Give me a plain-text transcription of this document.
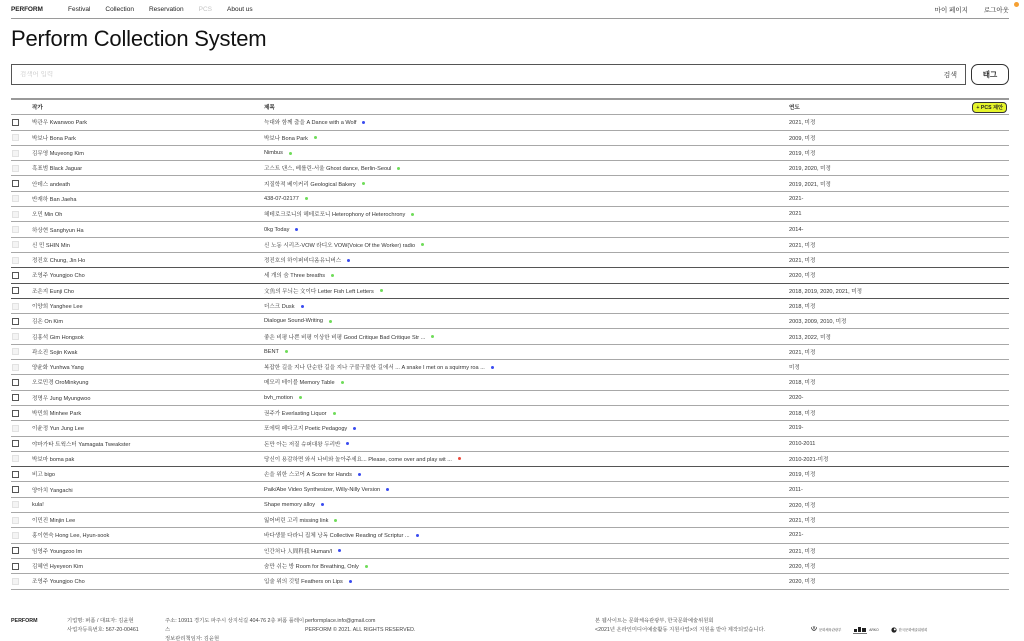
PERFORM	Festival Collection Reservation PCS About us	마이 페이지 로그아웃
Perform Collection System
검색어 입력
검색	태그
작가	제목	연도	+ PCS 제안
박관우 Kwanwoo Park	늑대와 함께 춤을 A Dance with a Wolf	2021, 미정
박보나 Bona Park	박보나 Bona Park	2009, 미정
김무영 Muyeong Kim	Nimbus	2019, 미정
흑표범 Black Jaguar	고스트 댄스, 베를린-서울 Ghost dance, Berlin-Seoul	2019, 2020, 미정
안데스 andeath	지질학적 베이커리 Geological Bakery	2019, 2021, 미정
반재하 Ban Jaeha	438-07-02177	2021-
오민 Min Oh	헤테로크로니의 헤테로포니 Heterophony of Heterochrony	2021
하상현 Sanghyun Ha	0kg Today	2014-
신 민 SHIN Min	신 노동 시리즈-VOW 라디오 VOW(Voice Of the Worker) radio	2021, 미정
정진호 Chung, Jin Ho	정진호의 하이퍼비디옴유니버스	2021, 미정
조영주 Youngjoo Cho	세 개의 숨 Three breaths	2020, 미정
조은지 Eunji Cho	文魚의 무늬는 文이다 Letter Fish Left Letters	2018, 2019, 2020, 2021, 미정
이양희 Yanghee Lee	더스크 Dusk	2018, 미정
김온 On Kim	Dialogue Sound-Writing	2003, 2009, 2010, 미정
김홍석 Gim Hongsok	좋은 비평 나쁜 비평 이상한 비평 Good Critique Bad Critique Str ...	2013, 2022, 미정
곽소진 Sojin Kwak	BENT	2021, 미정
양윤화 Yunhwa Yang	복잡한 길을 지나 단순한 길을 지나 구불구불한 길에서 ... A snake I met on a squirmy roa ...	미정
오로민경 OroMinkyung	메모리 테이블 Memory Table	2018, 미정
정명우 Jung Myungwoo	bvh_motion	2020-
박민희 Minhee Park	권주가 Everlasting Liquor	2018, 미정
이윤정 Yun Jung Lee	포에틱 페다고지 Poetic Pedagogy	2019-
야마가타 트윅스터 Yamagata Tweakster	돈만 아는 저질 슈퍼대왕 두리반	2010-2011
박보마 boma pak	당신이 용감하면 와서 나비와 놀아주세요... Please, come over and play wit ...	2010-2021-미정
비고 bigo	손을 위한 스코어 A Score for Hands	2019, 미정
양아치 Yangachi	Paik/Abe Video Synthesizer, Willy-Nilly Version	2011-
kula!	Shape memory alloy	2020, 미정
이민진 Minjin Lee	잃어버린 고리 missing link	2021, 미정
홍이현숙 Hong Lee, Hyun-sook	바다생물 다라니 집체 낭독 Collective Reading of Scriptur ...	2021-
임영주 Youngzoo Im	인간처나 人間科我 Human/I	2021, 미정
김혜연 Hyeyeon Kim	숨만 쉬는 방 Room for Breathing, Only	2020, 미정
조영주 Youngjoo Cho	입술 위의 깃털 Feathers on Lips	2020, 미정
PERFORM	기업명: 퍼폼 / 대표자: 김윤현
사업자등록번호: 567-20-00461
주소: 10911 경기도 파주시 상지석길 404-76 2층 퍼폼 플레이스
정보관리책임자: 김윤현
performplace.info@gmail.com
PERFORM © 2021. ALL RIGHTS RESERVED.
본 웹사이트는 문화체육관광부, 한국문화예술위원회
<2021년 온라인미디어예술활동 지원사업>의 지원을 받아 제작되었습니다.	문화체육관광부	ARKO	한국문화예술위원회
